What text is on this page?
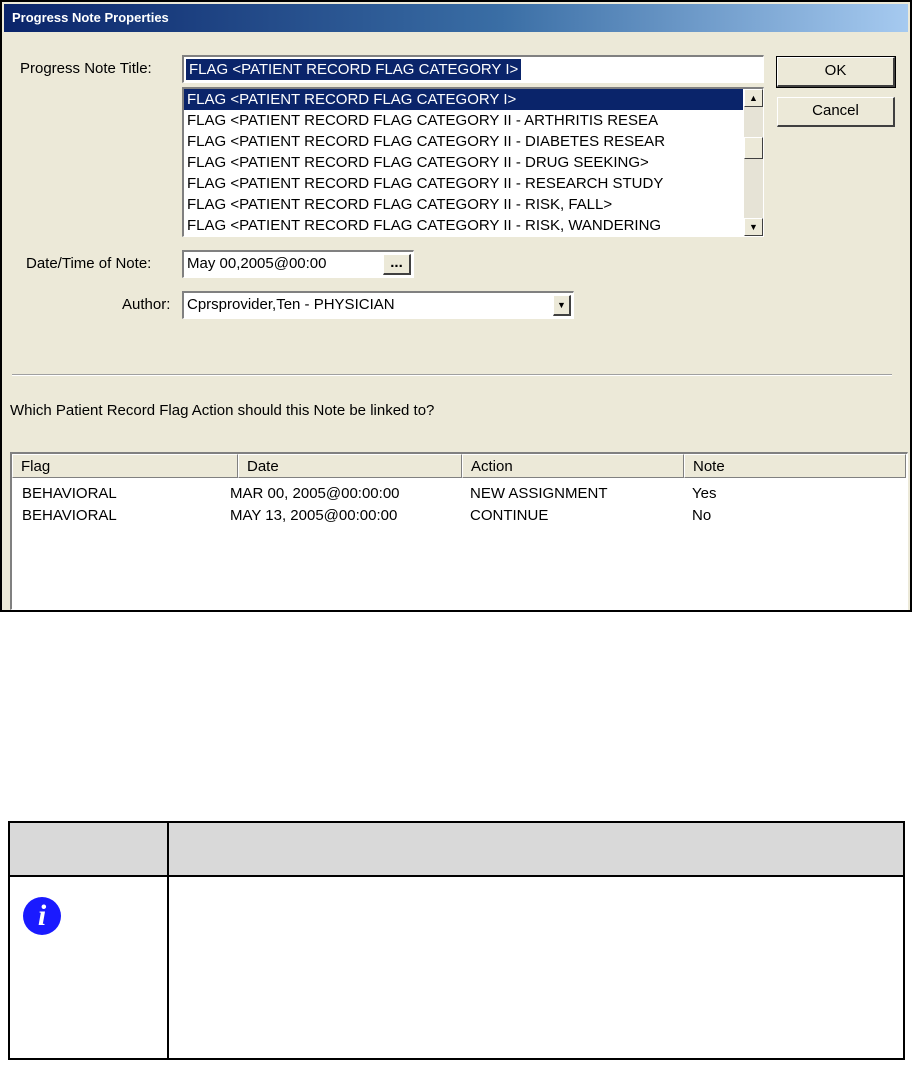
Progress Note Properties
Progress Note Title: FLAG <PATIENT RECORD FLAG CATEGORY I>
FLAG <PATIENT RECORD FLAG CATEGORY I>
FLAG <PATIENT RECORD FLAG CATEGORY II - ARTHRITIS RESEA
FLAG <PATIENT RECORD FLAG CATEGORY II - DIABETES RESEAR
FLAG <PATIENT RECORD FLAG CATEGORY II - DRUG SEEKING>
FLAG <PATIENT RECORD FLAG CATEGORY II - RESEARCH STUDY
FLAG <PATIENT RECORD FLAG CATEGORY II - RISK, FALL>
FLAG <PATIENT RECORD FLAG CATEGORY II - RISK, WANDERING
▲
▼
OK
Cancel
Date/Time of Note: May 00,2005@00:00	...
Author: Cprsprovider,Ten - PHYSICIAN	▼
Which Patient Record Flag Action should this Note be linked to?
Flag	Date	Action	Note
BEHAVIORAL	MAR 00, 2005@00:00:00	NEW ASSIGNMENT	Yes
BEHAVIORAL	MAY 13, 2005@00:00:00	CONTINUE	No
i
